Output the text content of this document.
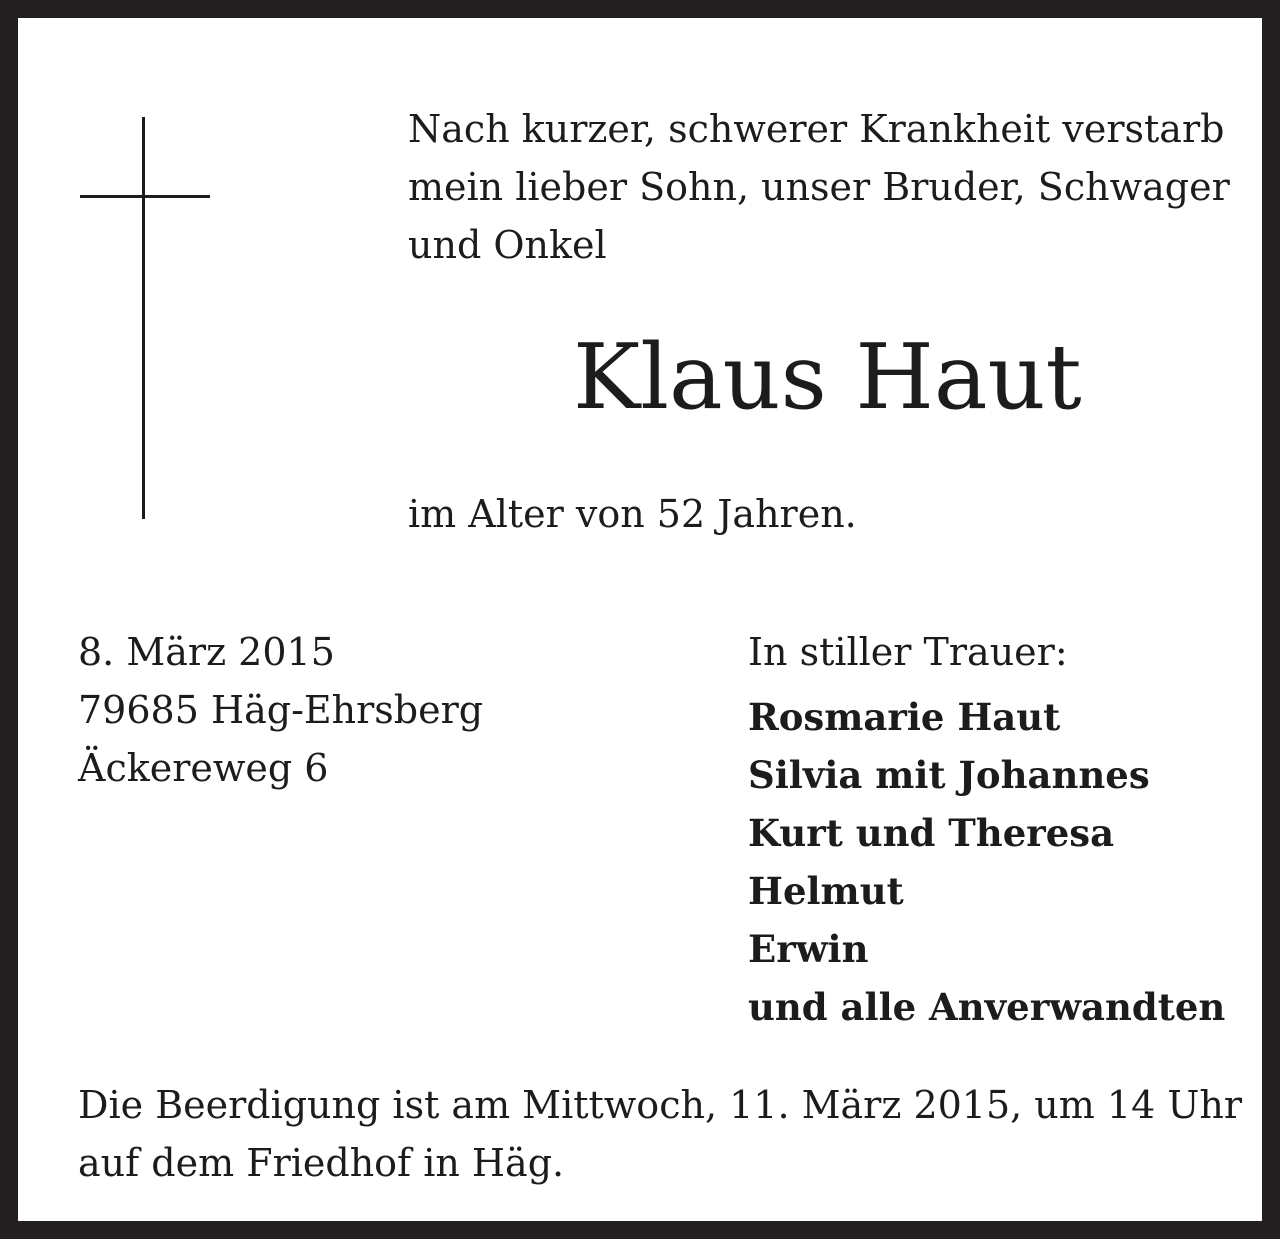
Nach kurzer, schwerer Krankheit verstarb
mein lieber Sohn, unser Bruder, Schwager
und Onkel
Klaus Haut
im Alter von 52 Jahren.
8. März 2015
79685 Häg-Ehrsberg
Äckereweg 6
In stiller Trauer:
Rosmarie Haut
Silvia mit Johannes
Kurt und Theresa
Helmut
Erwin
und alle Anverwandten
Die Beerdigung ist am Mittwoch, 11. März 2015, um 14 Uhr
auf dem Friedhof in Häg.
